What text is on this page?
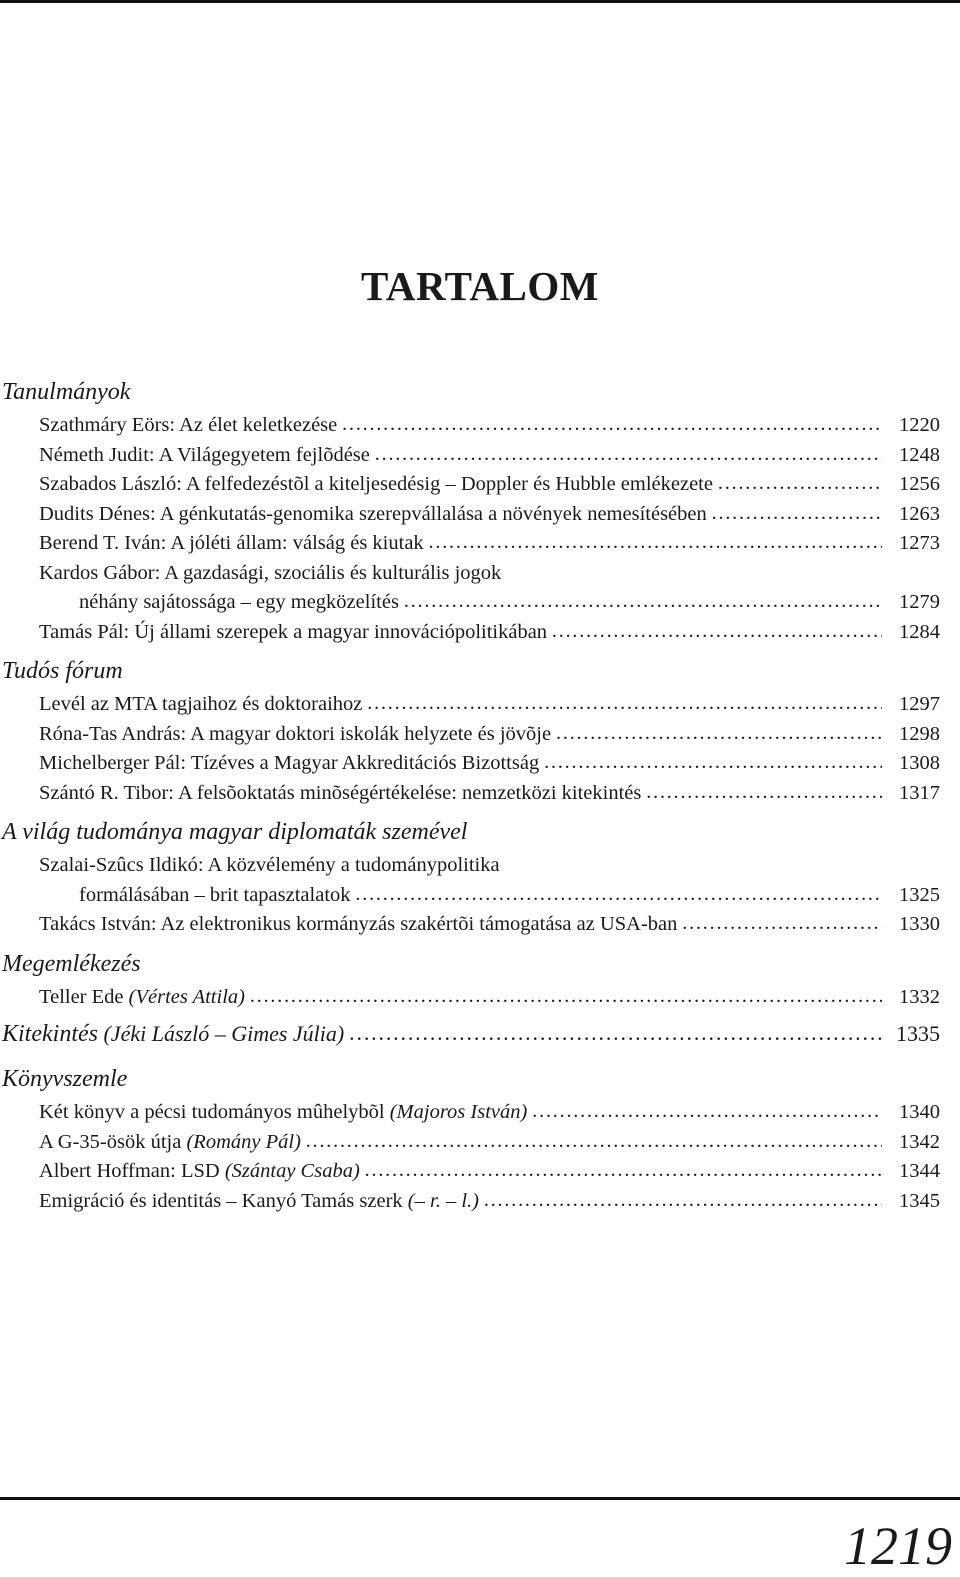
TARTALOM
Tanulmányok
Szathmáry Eörs: Az élet keletkezése …………………………………………………………………………………………………………………………………………………………………………	1220
Németh Judit: A Világegyetem fejlõdése …………………………………………………………………………………………………………………………………………………………………………	1248
Szabados László: A felfedezéstõl a kiteljesedésig – Doppler és Hubble emlékezete …………………………………………………………………………………………………………………………………………………………………………	1256
Dudits Dénes: A génkutatás-genomika szerepvállalása a növények nemesítésében …………………………………………………………………………………………………………………………………………………………………………	1263
Berend T. Iván: A jóléti állam: válság és kiutak …………………………………………………………………………………………………………………………………………………………………………	1273
Kardos Gábor: A gazdasági, szociális és kulturális jogok
néhány sajátossága – egy megközelítés …………………………………………………………………………………………………………………………………………………………………………	1279
Tamás Pál: Új állami szerepek a magyar innovációpolitikában …………………………………………………………………………………………………………………………………………………………………………	1284
Tudós fórum
Levél az MTA tagjaihoz és doktoraihoz …………………………………………………………………………………………………………………………………………………………………………	1297
Róna-Tas András: A magyar doktori iskolák helyzete és jövõje …………………………………………………………………………………………………………………………………………………………………………	1298
Michelberger Pál: Tízéves a Magyar Akkreditációs Bizottság …………………………………………………………………………………………………………………………………………………………………………	1308
Szántó R. Tibor: A felsõoktatás minõségértékelése: nemzetközi kitekintés …………………………………………………………………………………………………………………………………………………………………………	1317
A világ tudománya magyar diplomaták szemével
Szalai-Szûcs Ildikó: A közvélemény a tudománypolitika
formálásában – brit tapasztalatok …………………………………………………………………………………………………………………………………………………………………………	1325
Takács István: Az elektronikus kormányzás szakértõi támogatása az USA-ban …………………………………………………………………………………………………………………………………………………………………………	1330
Megemlékezés
Teller Ede (Vértes Attila) …………………………………………………………………………………………………………………………………………………………………………	1332
Kitekintés (Jéki László – Gimes Júlia) …………………………………………………………………………………………………………………………………………………………………………	1335
Könyvszemle
Két könyv a pécsi tudományos mûhelybõl (Majoros István) …………………………………………………………………………………………………………………………………………………………………………	1340
A G-35-ösök útja (Romány Pál) …………………………………………………………………………………………………………………………………………………………………………	1342
Albert Hoffman: LSD (Szántay Csaba) …………………………………………………………………………………………………………………………………………………………………………	1344
Emigráció és identitás – Kanyó Tamás szerk (– r. – l.) …………………………………………………………………………………………………………………………………………………………………………	1345
1219
